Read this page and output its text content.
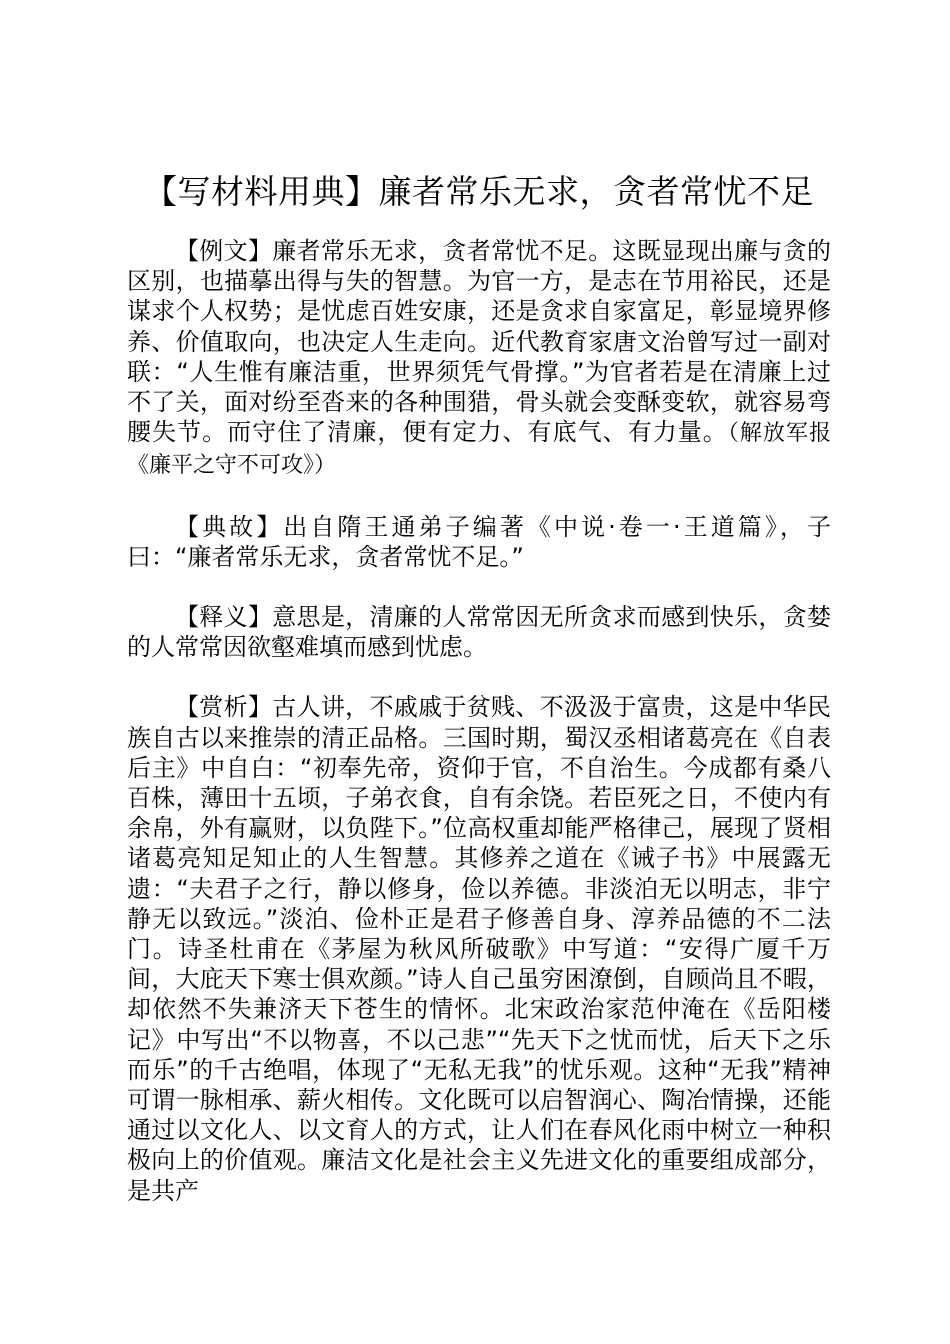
【写材料用典】廉者常乐无求，贪者常忧不足

【例文】廉者常乐无求，贪者常忧不足。这既显现出廉与贪的区别，也描摹出得与失的智慧。为官一方，是志在节用裕民，还是谋求个人权势；是忧虑百姓安康，还是贪求自家富足，彰显境界修养、价值取向，也决定人生走向。近代教育家唐文治曾写过一副对联：“人生惟有廉洁重，世界须凭气骨撑。”为官者若是在清廉上过不了关，面对纷至沓来的各种围猎，骨头就会变酥变软，就容易弯腰失节。而守住了清廉，便有定力、有底气、有力量。（解放军报《廉平之守不可攻》）

【典故】出自隋王通弟子编著《中说·卷一·王道篇》，子曰：“廉者常乐无求，贪者常忧不足。”

【释义】意思是，清廉的人常常因无所贪求而感到快乐，贪婪的人常常因欲壑难填而感到忧虑。

【赏析】古人讲，不戚戚于贫贱、不汲汲于富贵，这是中华民族自古以来推崇的清正品格。三国时期，蜀汉丞相诸葛亮在《自表后主》中自白：“初奉先帝，资仰于官，不自治生。今成都有桑八百株，薄田十五顷，子弟衣食，自有余饶。若臣死之日，不使内有余帛，外有赢财，以负陛下。”位高权重却能严格律己，展现了贤相诸葛亮知足知止的人生智慧。其修养之道在《诫子书》中展露无遗：“夫君子之行，静以修身，俭以养德。非淡泊无以明志，非宁静无以致远。”淡泊、俭朴正是君子修善自身、淳养品德的不二法门。诗圣杜甫在《茅屋为秋风所破歌》中写道：“安得广厦千万间，大庇天下寒士俱欢颜。”诗人自己虽穷困潦倒，自顾尚且不暇，却依然不失兼济天下苍生的情怀。北宋政治家范仲淹在《岳阳楼记》中写出“不以物喜，不以己悲”“先天下之忧而忧，后天下之乐而乐”的千古绝唱，体现了“无私无我”的忧乐观。这种“无我”精神可谓一脉相承、薪火相传。文化既可以启智润心、陶冶情操，还能通过以文化人、以文育人的方式，让人们在春风化雨中树立一种积极向上的价值观。廉洁文化是社会主义先进文化的重要组成部分，是共产
